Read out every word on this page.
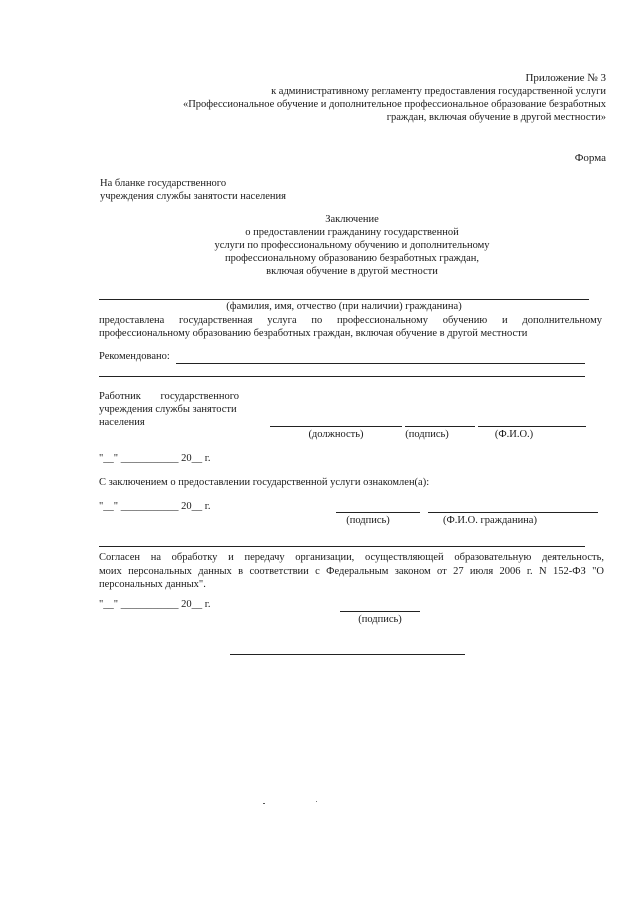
Приложение № 3
к административному регламенту предоставления государственной услуги
«Профессиональное обучение и дополнительное профессиональное образование безработных
граждан, включая обучение в другой местности»
Форма
На бланке государственного
учреждения службы занятости населения
Заключение
о предоставлении гражданину государственной
услуги по профессиональному обучению и дополнительному
профессиональному образованию безработных граждан,
включая обучение в другой местности
(фамилия, имя, отчество (при наличии) гражданина)
предоставлена государственная услуга по профессиональному обучению и дополнительному
профессиональному образованию безработных граждан, включая обучение в другой местности
Рекомендовано:
Работник государственного
учреждения службы занятости
населения
(должность)	(подпись)	(Ф.И.О.)
"__" ___________ 20__ г.
С заключением о предоставлении государственной услуги ознакомлен(а):
"__" ___________ 20__ г.
(подпись)	(Ф.И.О. гражданина)
Согласен на обработку и передачу организации, осуществляющей образовательную деятельность,
моих персональных данных в соответствии с Федеральным законом от 27 июля 2006 г. N 152-ФЗ "О
персональных данных".
"__" ___________ 20__ г.
(подпись)
